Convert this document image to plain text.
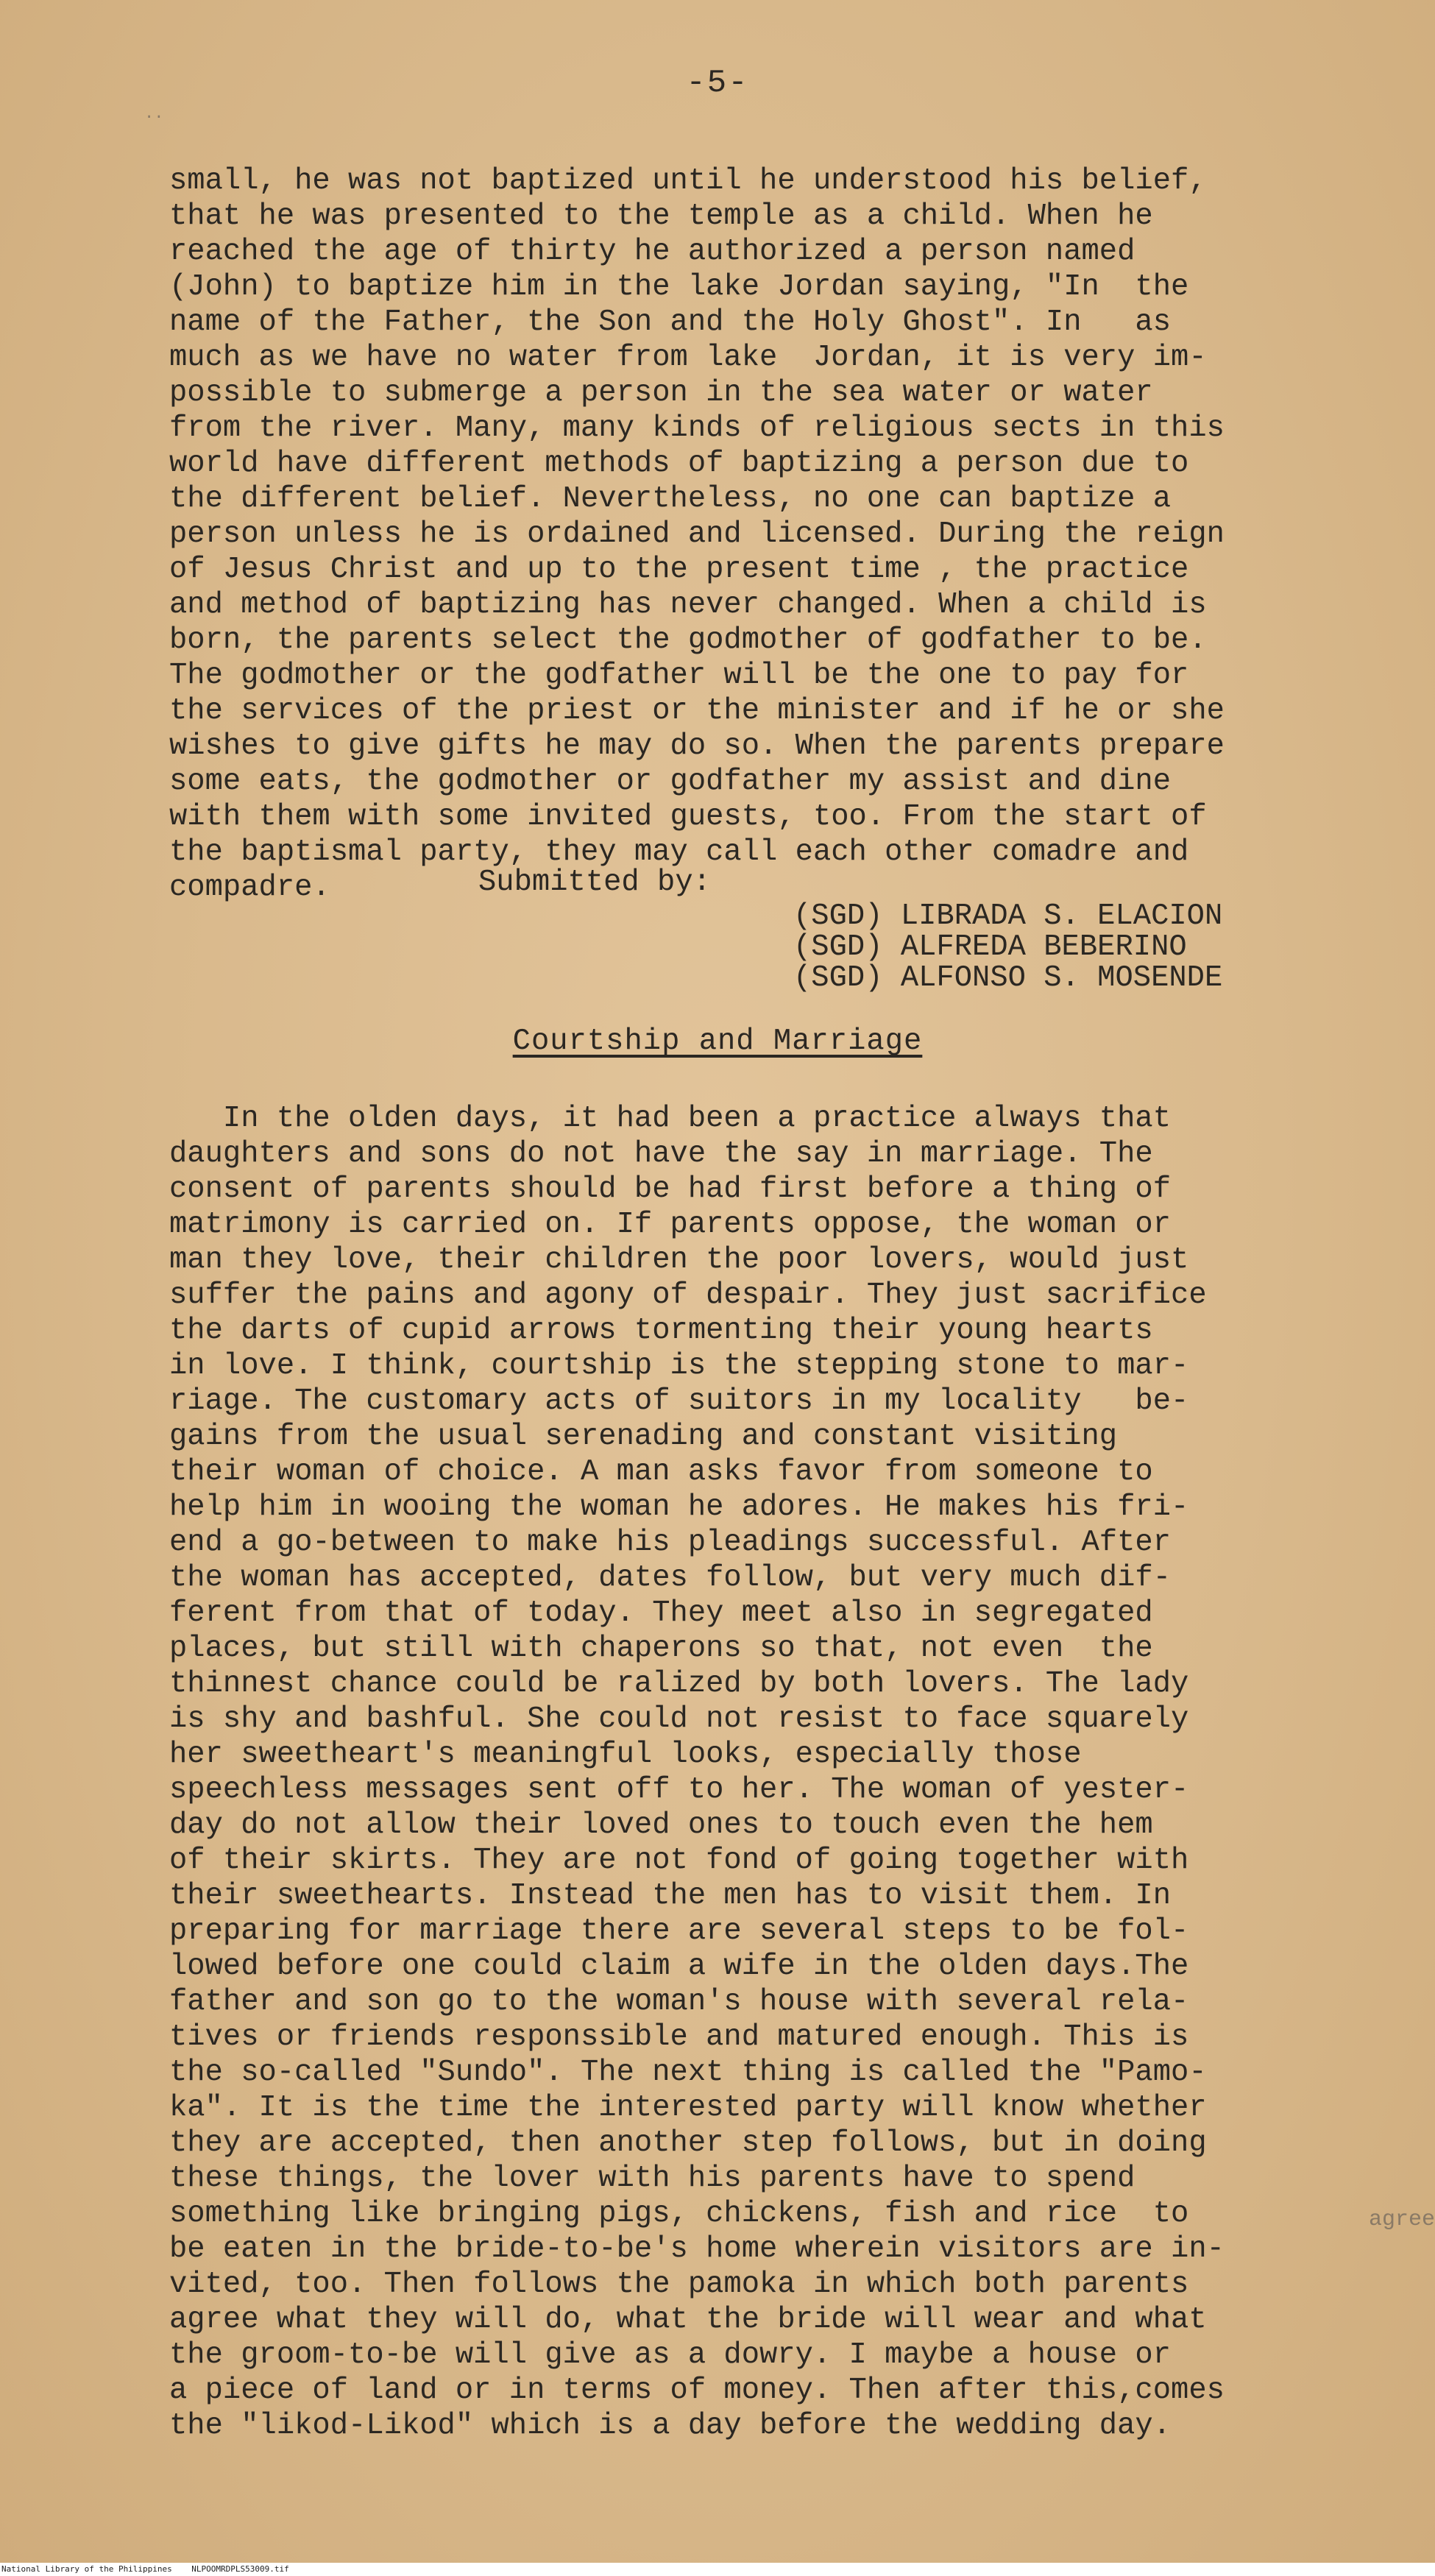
-5-
small, he was not baptized until he understood his belief,
that he was presented to the temple as a child. When he
reached the age of thirty he authorized a person named
(John) to baptize him in the lake Jordan saying, "In  the
name of the Father, the Son and the Holy Ghost". In   as
much as we have no water from lake  Jordan, it is very im-
possible to submerge a person in the sea water or water
from the river. Many, many kinds of religious sects in this
world have different methods of baptizing a person due to
the different belief. Nevertheless, no one can baptize a
person unless he is ordained and licensed. During the reign
of Jesus Christ and up to the present time , the practice
and method of baptizing has never changed. When a child is
born, the parents select the godmother of godfather to be.
The godmother or the godfather will be the one to pay for
the services of the priest or the minister and if he or she
wishes to give gifts he may do so. When the parents prepare
some eats, the godmother or godfather my assist and dine
with them with some invited guests, too. From the start of
the baptismal party, they may call each other comadre and
compadre.	Submitted by:
(SGD) LIBRADA S. ELACION
(SGD) ALFREDA BEBERINO
(SGD) ALFONSO S. MOSENDE
Courtship and Marriage
In the olden days, it had been a practice always that
daughters and sons do not have the say in marriage. The
consent of parents should be had first before a thing of
matrimony is carried on. If parents oppose, the woman or
man they love, their children the poor lovers, would just
suffer the pains and agony of despair. They just sacrifice
the darts of cupid arrows tormenting their young hearts
in love. I think, courtship is the stepping stone to mar-
riage. The customary acts of suitors in my locality   be-
gains from the usual serenading and constant visiting
their woman of choice. A man asks favor from someone to
help him in wooing the woman he adores. He makes his fri-
end a go-between to make his pleadings successful. After
the woman has accepted, dates follow, but very much dif-
ferent from that of today. They meet also in segregated
places, but still with chaperons so that, not even  the
thinnest chance could be ralized by both lovers. The lady
is shy and bashful. She could not resist to face squarely
her sweetheart's meaningful looks, especially those
speechless messages sent off to her. The woman of yester-
day do not allow their loved ones to touch even the hem
of their skirts. They are not fond of going together with
their sweethearts. Instead the men has to visit them. In
preparing for marriage there are several steps to be fol-
lowed before one could claim a wife in the olden days.The
father and son go to the woman's house with several rela-
tives or friends responssible and matured enough. This is
the so-called "Sundo". The next thing is called the "Pamo-
ka". It is the time the interested party will know whether
they are accepted, then another step follows, but in doing
these things, the lover with his parents have to spend
something like bringing pigs, chickens, fish and rice  to
be eaten in the bride-to-be's home wherein visitors are in-
vited, too. Then follows the pamoka in which both parents
agree what they will do, what the bride will wear and what
the groom-to-be will give as a dowry. I maybe a house or
a piece of land or in terms of money. Then after this,comes
the "likod-Likod" which is a day before the wedding day.
agree
..
National Library of the Philippines    NLPOOMRDPLS53009.tif
